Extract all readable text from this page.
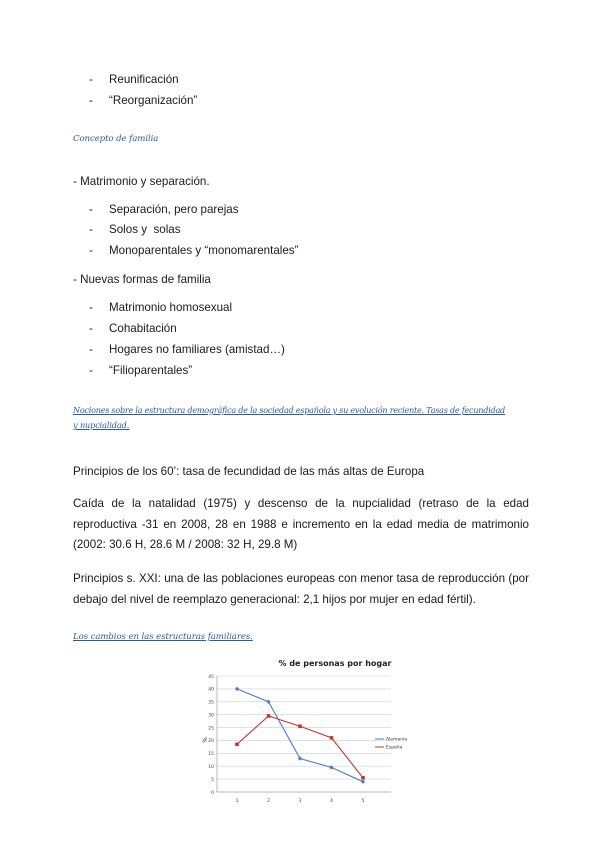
- Reunificación
- “Reorganización”
Concepto de familia
- Matrimonio y separación.
- Separación, pero parejas
- Solos y  solas
- Monoparentales y “monomarentales”
- Nuevas formas de familia
- Matrimonio homosexual
- Cohabitación
- Hogares no familiares (amistad…)
- “Filioparentales”
Nociones sobre la estructura demográfica de la sociedad española y su evolución reciente. Tasas de fecundidad
y nupcialidad.
Principios de los 60’: tasa de fecundidad de las más altas de Europa
Caída de la natalidad (1975) y descenso de la nupcialidad (retraso de la edad reproductiva -31 en 2008, 28 en 1988 e incremento en la edad media de matrimonio (2002: 30.6 H, 28.6 M / 2008: 32 H, 29.8 M)
Principios s. XXI: una de las poblaciones europeas con menor tasa de reproducción (por debajo del nivel de reemplazo generacional: 2,1 hijos por mujer en edad fértil).
Los cambios en las estructuras familiares.
% de personas por hogar
%
0
5
10
15
20
25
30
35
40
45
1	2	3	4	5
Alemania
España
